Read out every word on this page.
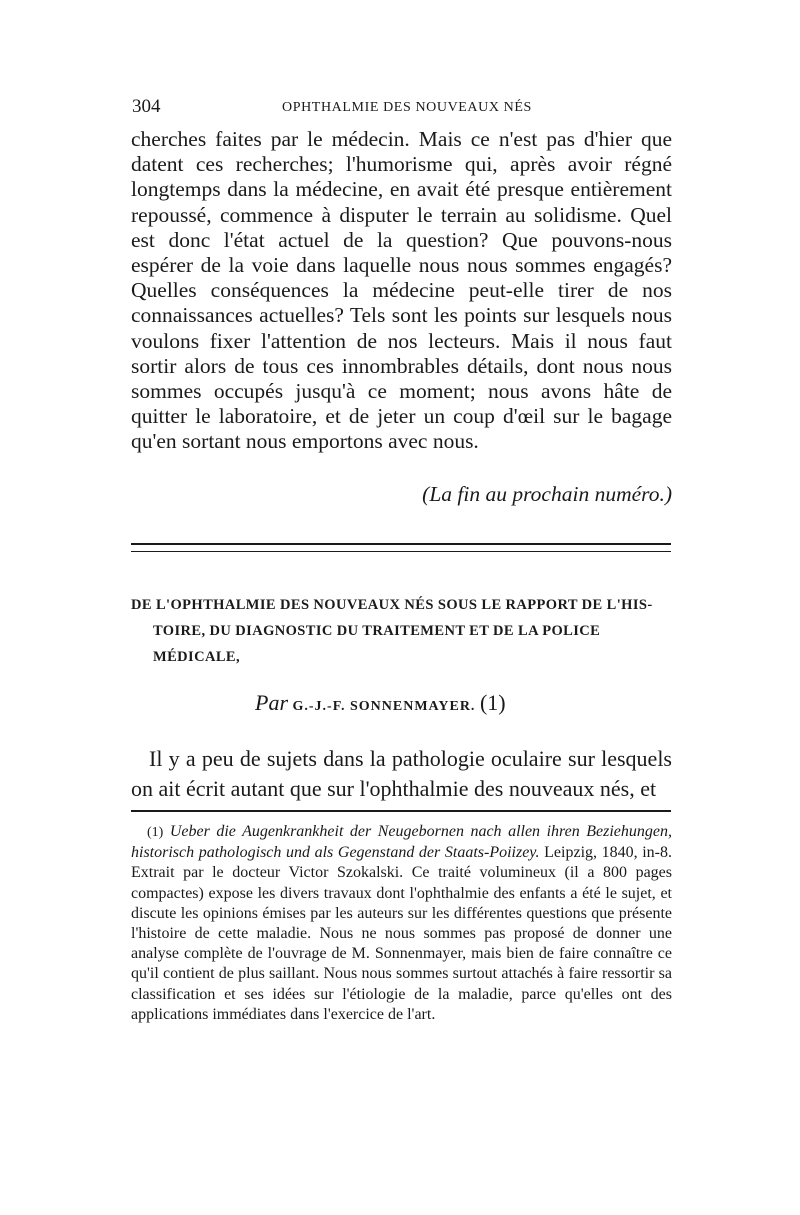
304	OPHTHALMIE DES NOUVEAUX NÉS

cherches faites par le médecin. Mais ce n'est pas d'hier que datent ces recherches; l'humorisme qui, après avoir régné longtemps dans la médecine, en avait été presque entièrement repoussé, commence à disputer le terrain au solidisme. Quel est donc l'état actuel de la question? Que pouvons-nous espérer de la voie dans laquelle nous nous sommes engagés? Quelles conséquences la médecine peut-elle tirer de nos connaissances actuelles? Tels sont les points sur lesquels nous voulons fixer l'attention de nos lecteurs. Mais il nous faut sortir alors de tous ces innombrables détails, dont nous nous sommes occupés jusqu'à ce moment; nous avons hâte de quitter le laboratoire, et de jeter un coup d'œil sur le bagage qu'en sortant nous emportons avec nous.

(La fin au prochain numéro.)
DE L'OPHTHALMIE DES NOUVEAUX NÉS SOUS LE RAPPORT DE L'HIS-
TOIRE, DU DIAGNOSTIC DU TRAITEMENT ET DE LA POLICE
MÉDICALE,
Par G.-J.-F. SONNENMAYER. (1)
Il y a peu de sujets dans la pathologie oculaire sur lesquels on ait écrit autant que sur l'ophthalmie des nouveaux nés, et
(1) Ueber die Augenkrankheit der Neugebornen nach allen ihren Beziehungen, historisch pathologisch und als Gegenstand der Staats-Poiizey. Leipzig, 1840, in-8. Extrait par le docteur Victor Szokalski. Ce traité volumineux (il a 800 pages compactes) expose les divers travaux dont l'ophthalmie des enfants a été le sujet, et discute les opinions émises par les auteurs sur les différentes questions que présente l'histoire de cette maladie. Nous ne nous sommes pas proposé de donner une analyse complète de l'ouvrage de M. Sonnenmayer, mais bien de faire connaître ce qu'il contient de plus saillant. Nous nous sommes surtout attachés à faire ressortir sa classification et ses idées sur l'étiologie de la maladie, parce qu'elles ont des applications immédiates dans l'exercice de l'art.
